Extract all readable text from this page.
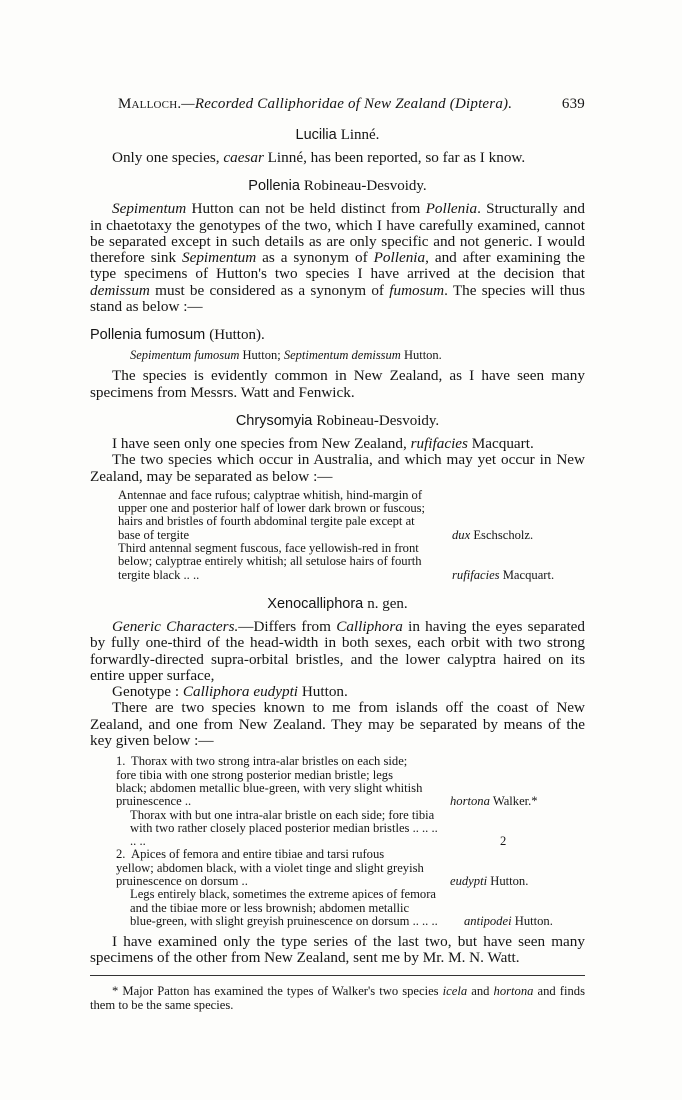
Malloch.—Recorded Calliphoridae of New Zealand (Diptera).	639
Lucilia Linné.

Only one species, caesar Linné, has been reported, so far as I know.

Pollenia Robineau-Desvoidy.

Sepimentum Hutton can not be held distinct from Pollenia. Structurally and in chaetotaxy the genotypes of the two, which I have carefully examined, cannot be separated except in such details as are only specific and not generic. I would therefore sink Sepimentum as a synonym of Pollenia, and after examining the type specimens of Hutton's two species I have arrived at the decision that demissum must be considered as a synonym of fumosum. The species will thus stand as below :—

Pollenia fumosum (Hutton).
Sepimentum fumosum Hutton; Septimentum demissum Hutton.

The species is evidently common in New Zealand, as I have seen many specimens from Messrs. Watt and Fenwick.

Chrysomyia Robineau-Desvoidy.

I have seen only one species from New Zealand, rufifacies Macquart.

The two species which occur in Australia, and which may yet occur in New Zealand, may be separated as below :—

Antennae and face rufous; calyptrae whitish, hind-margin of upper one and posterior half of lower dark brown or fuscous; hairs and bristles of fourth abdominal tergite pale except at base of tergite	dux Eschscholz.
Third antennal segment fuscous, face yellowish-red in front below; calyptrae entirely whitish; all setulose hairs of fourth tergite black .. ..	rufifacies Macquart.
Xenocalliphora n. gen.

Generic Characters.—Differs from Calliphora in having the eyes separated by fully one-third of the head-width in both sexes, each orbit with two strong forwardly-directed supra-orbital bristles, and the lower calyptra haired on its entire upper surface,

Genotype : Calliphora eudypti Hutton.

There are two species known to me from islands off the coast of New Zealand, and one from New Zealand. They may be separated by means of the key given below :—

1. Thorax with two strong intra-alar bristles on each side; fore tibia with one strong posterior median bristle; legs black; abdomen metallic blue-green, with very slight whitish pruinescence ..	hortona Walker.*
Thorax with but one intra-alar bristle on each side; fore tibia with two rather closely placed posterior median bristles .. .. .. .. ..	2
2. Apices of femora and entire tibiae and tarsi rufous yellow; abdomen black, with a violet tinge and slight greyish pruinescence on dorsum ..	eudypti Hutton.
Legs entirely black, sometimes the extreme apices of femora and the tibiae more or less brownish; abdomen metallic blue-green, with slight greyish pruinescence on dorsum .. .. ..	antipodei Hutton.

I have examined only the type series of the last two, but have seen many specimens of the other from New Zealand, sent me by Mr. M. N. Watt.

* Major Patton has examined the types of Walker's two species icela and hortona and finds them to be the same species.
